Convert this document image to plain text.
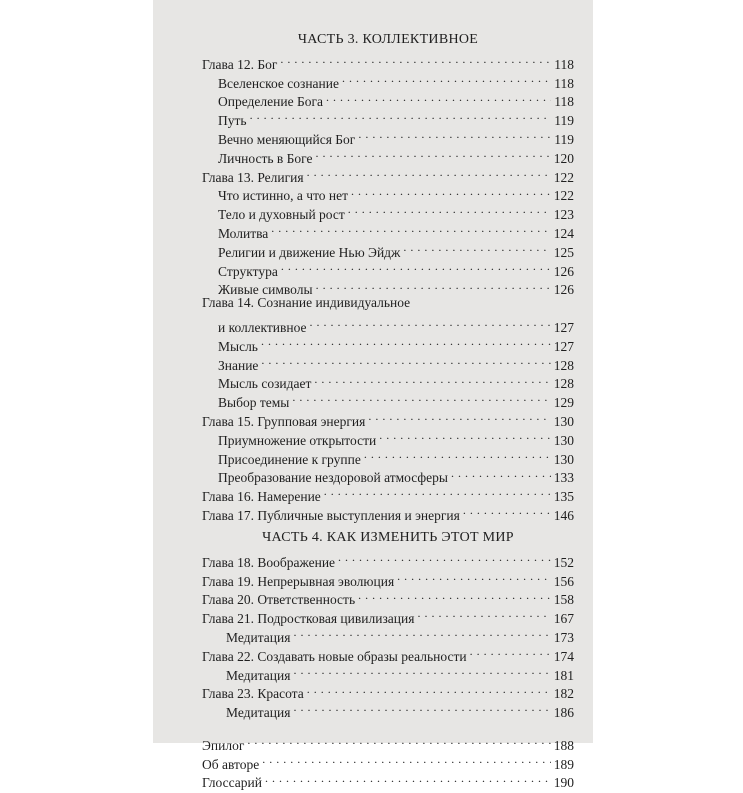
ЧАСТЬ 3. КОЛЛЕКТИВНОЕ
Глава 12. Бог . . .	118
Вселенское сознание . . .	118
Определение Бога . . .	118
Путь . . .	119
Вечно меняющийся Бог . . .	119
Личность в Боге . . .	120
Глава 13. Религия . . .	122
Что истинно, а что нет . . .	122
Тело и духовный рост . . .	123
Молитва . . .	124
Религии и движение Нью Эйдж . . .	125
Структура . . .	126
Живые символы . . .	126
Глава 14. Сознание индивидуальное
и коллективное . . .	127
Мысль . . .	127
Знание . . .	128
Мысль созидает . . .	128
Выбор темы . . .	129
Глава 15. Групповая энергия . . .	130
Приумножение открытости . . .	130
Присоединение к группе . . .	130
Преобразование нездоровой атмосферы . . .	133
Глава 16. Намерение . . .	135
Глава 17. Публичные выступления и энергия . . .	146
ЧАСТЬ 4. КАК ИЗМЕНИТЬ ЭТОТ МИР
Глава 18. Воображение . . .	152
Глава 19. Непрерывная эволюция . . .	156
Глава 20. Ответственность . . .	158
Глава 21. Подростковая цивилизация . . .	167
Медитация . . .	173
Глава 22. Создавать новые образы реальности . . .	174
Медитация . . .	181
Глава 23. Красота . . .	182
Медитация . . .	186
Эпилог . . .	188
Об авторе . . .	189
Глоссарий . . .	190
